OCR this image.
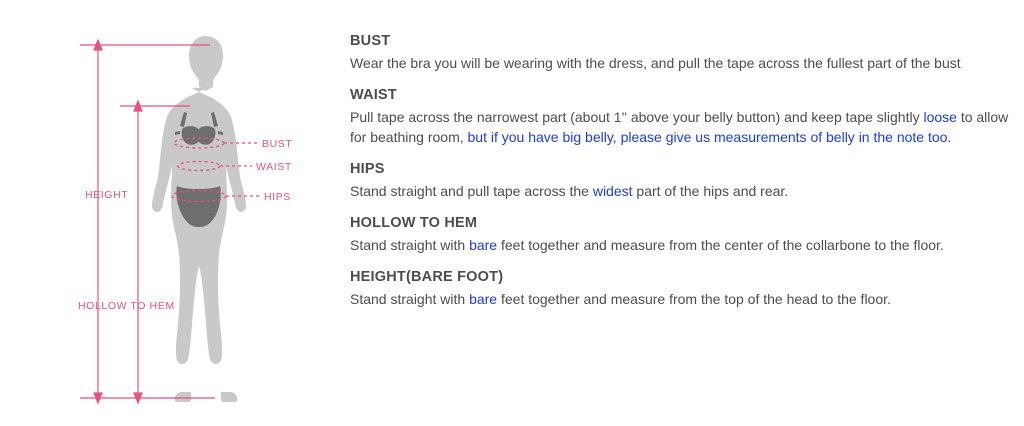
BUST
WAIST
HIPS
HEIGHT
HOLLOW TO HEM
BUST

Wear the bra you will be wearing with the dress, and pull the tape across the fullest part of the bust

WAIST

Pull tape across the narrowest part (about 1'' above your belly button) and keep tape slightly loose to allow for beathing room, but if you have big belly, please give us measurements of belly in the note too.

HIPS

Stand straight and pull tape across the widest part of the hips and rear.

HOLLOW TO HEM

Stand straight with bare feet together and measure from the center of the collarbone to the floor.

HEIGHT(BARE FOOT)

Stand straight with bare feet together and measure from the top of the head to the floor.
